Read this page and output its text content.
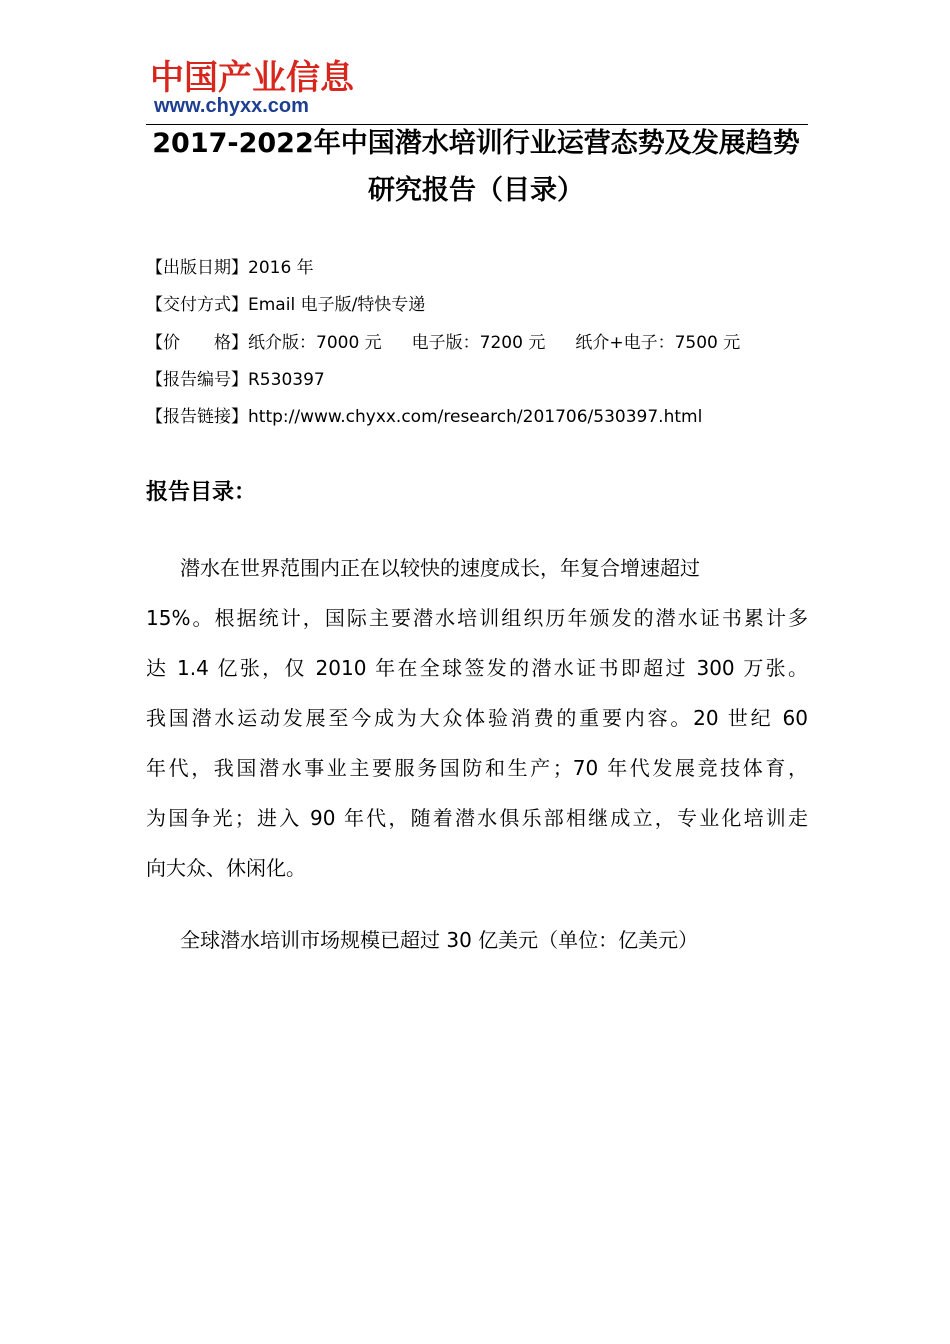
中国产业信息
www.chyxx.com
2017-2022年中国潜水培训行业运营态势及发展趋势
研究报告（目录）
【出版日期】2016 年
【交付方式】Email 电子版/特快专递
【价　　格】纸介版：7000 元 电子版：7200 元 纸介+电子：7500 元
【报告编号】R530397
【报告链接】http://www.chyxx.com/research/201706/530397.html
报告目录：
潜水在世界范围内正在以较快的速度成长，年复合增速超过
15%。根据统计，国际主要潜水培训组织历年颁发的潜水证书累计多
达 1.4 亿张，仅 2010 年在全球签发的潜水证书即超过 300 万张。
我国潜水运动发展至今成为大众体验消费的重要内容。20 世纪 60
年代，我国潜水事业主要服务国防和生产；70 年代发展竞技体育，
为国争光；进入 90 年代，随着潜水俱乐部相继成立，专业化培训走
向大众、休闲化。
全球潜水培训市场规模已超过 30 亿美元（单位：亿美元）
